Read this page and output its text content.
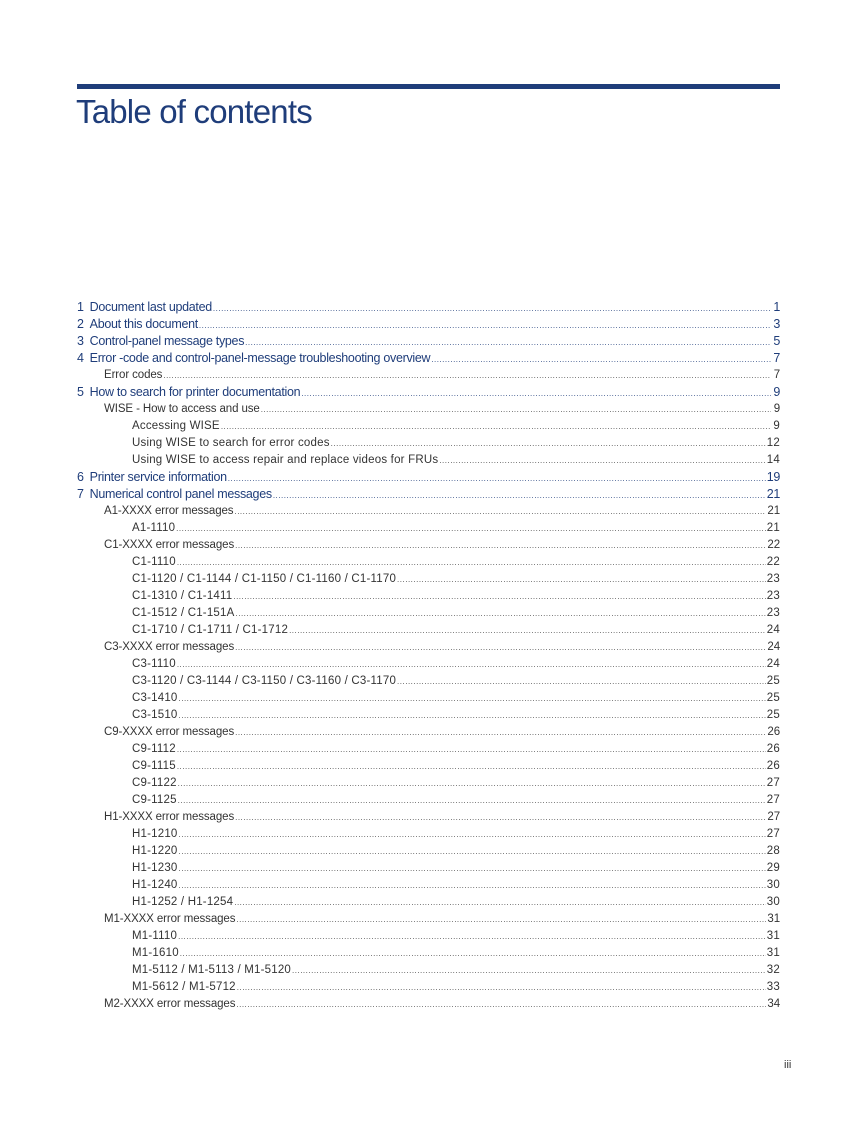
Table of contents
1 Document last updated .....	1
2 About this document .....	3
3 Control-panel message types .....	5
4 Error -code and control-panel-message troubleshooting overview .....	7
Error codes .....	7
5 How to search for printer documentation .....	9
WISE - How to access and use .....	9
Accessing WISE .....	9
Using WISE to search for error codes .....	12
Using WISE to access repair and replace videos for FRUs .....	14
6 Printer service information .....	19
7 Numerical control panel messages .....	21
A1-XXXX error messages .....	21
A1-1110 .....	21
C1-XXXX error messages .....	22
C1-1110 .....	22
C1-1120 / C1-1144 / C1-1150 / C1-1160 / C1-1170 .....	23
C1-1310 / C1-1411 .....	23
C1-1512 / C1-151A .....	23
C1-1710 / C1-1711 / C1-1712 .....	24
C3-XXXX error messages .....	24
C3-1110 .....	24
C3-1120 / C3-1144 / C3-1150 / C3-1160 / C3-1170 .....	25
C3-1410 .....	25
C3-1510 .....	25
C9-XXXX error messages .....	26
C9-1112 .....	26
C9-1115 .....	26
C9-1122 .....	27
C9-1125 .....	27
H1-XXXX error messages .....	27
H1-1210 .....	27
H1-1220 .....	28
H1-1230 .....	29
H1-1240 .....	30
H1-1252 / H1-1254 .....	30
M1-XXXX error messages .....	31
M1-1110 .....	31
M1-1610 .....	31
M1-5112 / M1-5113 / M1-5120 .....	32
M1-5612 / M1-5712 .....	33
M2-XXXX error messages .....	34
iii
